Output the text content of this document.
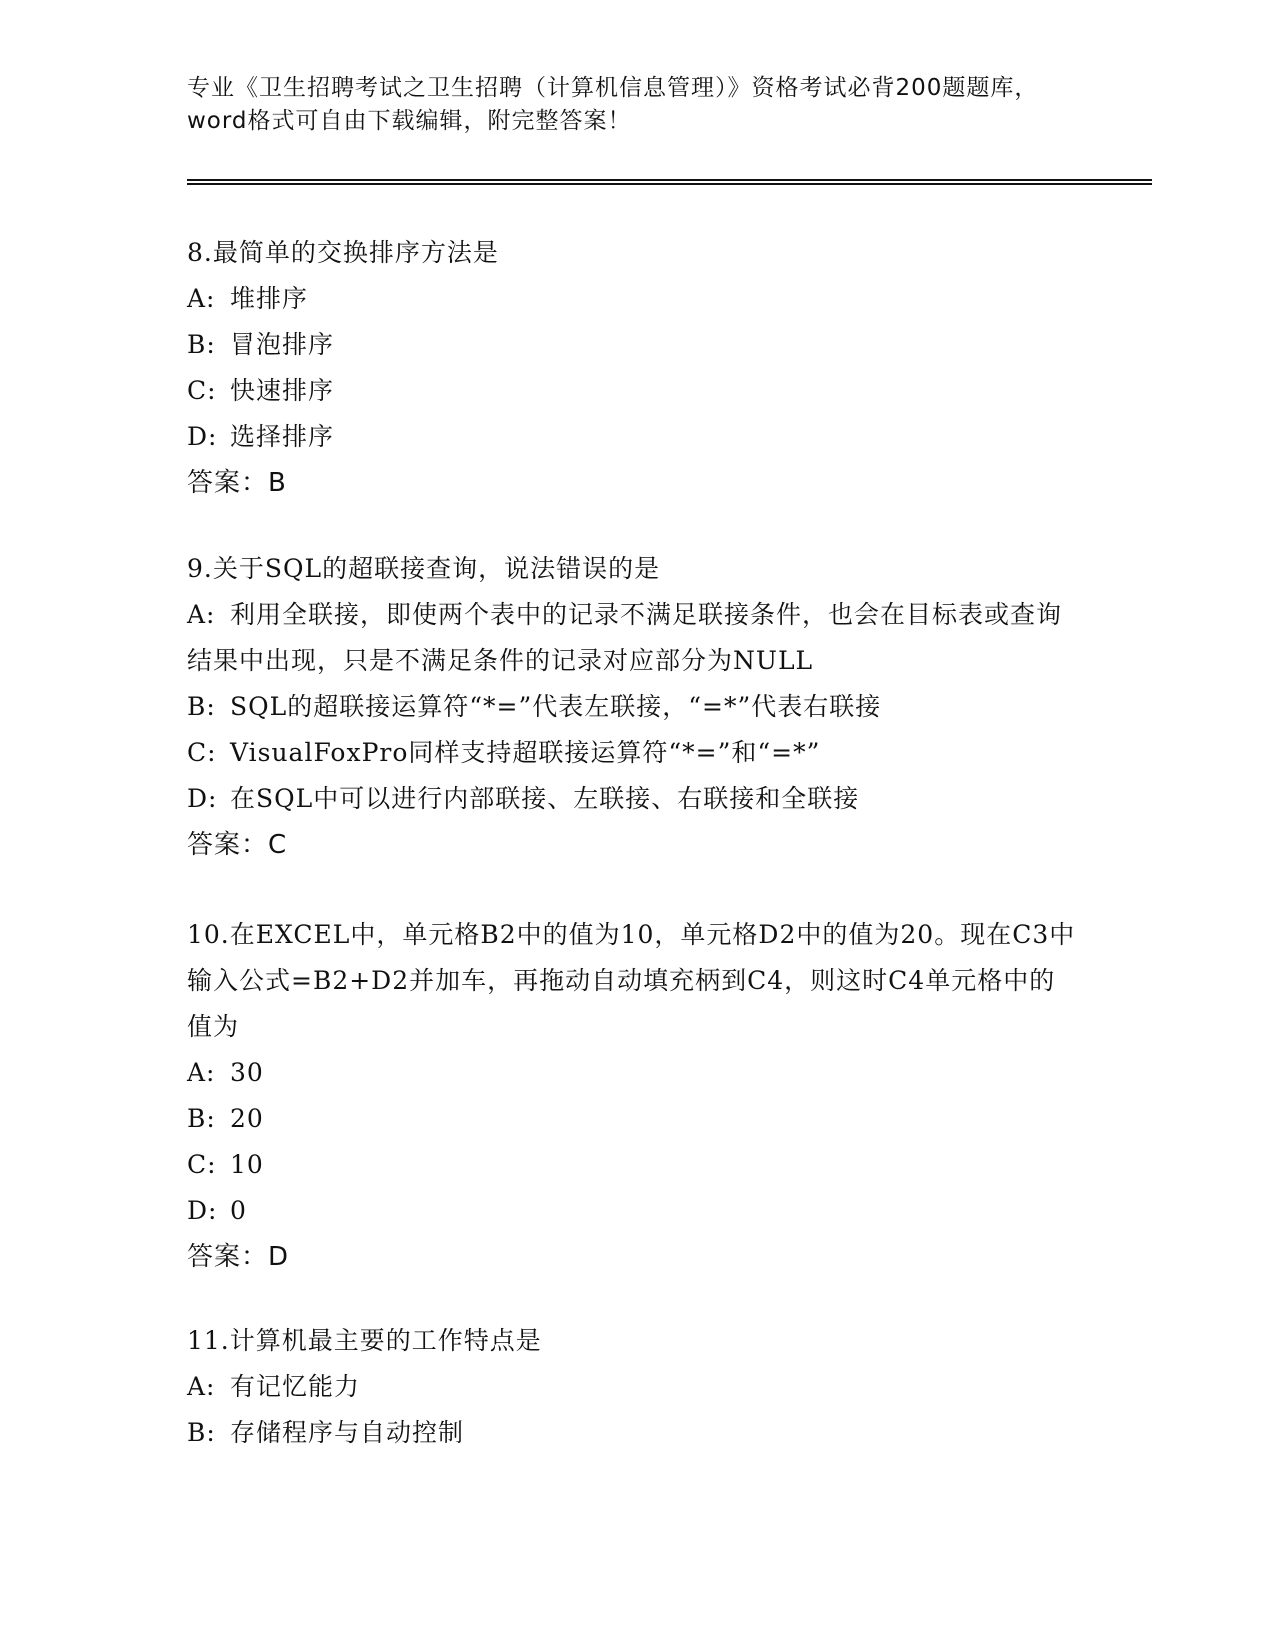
专业《卫生招聘考试之卫生招聘（计算机信息管理）》资格考试必背200题题库，
word格式可自由下载编辑，附完整答案！
8.最简单的交换排序方法是
A: 堆排序
B: 冒泡排序
C: 快速排序
D: 选择排序
答案：B
9.关于SQL的超联接查询，说法错误的是
A: 利用全联接，即使两个表中的记录不满足联接条件，也会在目标表或查询结果中出现，只是不满足条件的记录对应部分为NULL
B: SQL的超联接运算符“*=”代表左联接，“=*”代表右联接
C: VisualFoxPro同样支持超联接运算符“*=”和“=*”
D: 在SQL中可以进行内部联接、左联接、右联接和全联接
答案：C
10.在EXCEL中，单元格B2中的值为10，单元格D2中的值为20。现在C3中输入公式=B2+D2并加车，再拖动自动填充柄到C4，则这时C4单元格中的值为
A: 30
B: 20
C: 10
D: 0
答案：D
11.计算机最主要的工作特点是
A: 有记忆能力
B: 存储程序与自动控制
